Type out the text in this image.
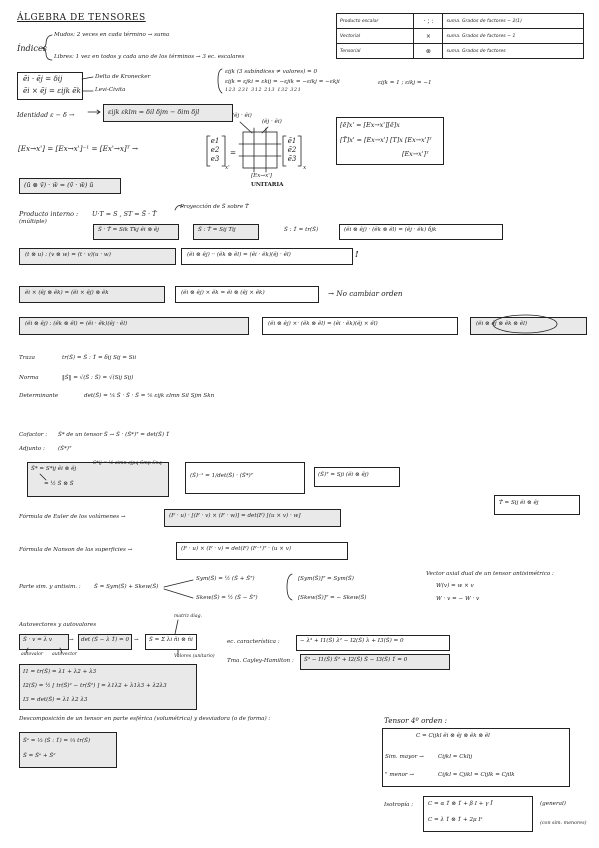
ÁLGEBRA DE TENSORES	Producto escalar	· ; :	suma. Grados de factores − 2(1)
Vectorial	×	suma. Grados de factores − 1
Tensorial	⊗	suma. Grados de factores
Índices
Mudos: 2 veces en cada término → suma
Libres: 1 vez en todos y cada uno de los términos → 3 ec. escalares
ẽi · ẽj = δij
ẽi × ẽj = εijk ẽk
Delta de Kronecker
Levi-Civita
εijk (3 subíndices ≠ valores) = 0
εijk = εjki = εkij = −εjik = −εikj = −εkji
123 231 312 213 132 321
εijk = 1 ; εikj = −1
Identidad ε − δ →	εijk εklm = δil δjm − δim δjl
[Ex→x'] = [Ex→x']⁻¹ = [Ex'→x]ᵀ →
(ẽj · ẽi)
(ẽj · ẽi)
e1
e2
e3
x'
=
ẽ1
ẽ2
ẽ3
x
[Ex→x']
UNITARIA
[ẽ]x' = [Ex→x'][ẽ]x
[T̃]x' = [Ex→x'] [T]x [Ex→x']ᵀ
[Ex→x']ᵀ
(ũ ⊗ ṽ) · w̃ = (ṽ · w̃) ũ
Producto interno :
(múltiple)
U·T = S , ST = S̃ · T̃
Proyección de S̃ sobre T̃
S̃ · T̃ = Sik Tkj ẽi ⊗ ẽj	S̃ : T̃ = Sij Tij	S̃ : 1̃ = tr(S̃)	(ẽi ⊗ ẽj) · (ẽk ⊗ ẽl) = (ẽj · ẽk) δjk
(t ⊗ u) : (v ⊗ w) = (t · v)(u · w)	(ẽi ⊗ ẽj) ·· (ẽk ⊗ ẽl) = (ẽi · ẽk)(ẽj · ẽl)	!
ẽi × (ẽj ⊗ ẽk) = (ẽi × ẽj) ⊗ ẽk	(ẽi ⊗ ẽj) × ẽk = ẽi ⊗ (ẽj × ẽk)	→ No cambiar orden
(ẽi ⊗ ẽj) : (ẽk ⊗ ẽl) = (ẽi · ẽk)(ẽj · ẽl)	(ẽi ⊗ ẽj) ×· (ẽk ⊗ ẽl) = (ẽi · ẽk)(ẽj × ẽl)	(ẽi ⊗ ẽj ⊗ ẽk ⊗ ẽl)
Traza	tr(S̃) = S̃ : 1̃ = δij Sij = Sii
Norma	‖S̃‖ = √(S̃ : S̃) = √(Sij Sij)
Determinante	det(S̃) = ⅙ S̃ · S̃ · S̃ = ⅙ εijk εlmn Sil Sjm Skn
Cofactor : S̃* de un tensor S̃ → S̃ · (S̃*)ᵀ = det(S̃) 1̃
Adjunto : (S̃*)ᵀ
S̃* = S*ij ẽi ⊗ ẽj
S*ij = ½ εimn εjpq Smp Snq
= ½ S̃ ⊗ S̃
(S̃)⁻¹ = 1/det(S̃) · (S̃*)ᵀ	(S̃)ᵀ = Sji (ẽi ⊗ ẽj)
T̃ = Sij ẽi ⊗ ẽj
Fórmula de Euler de los volúmenes →	(F · u) · [(F · v) × (F · w)] = det(F) [(u × v) · w]
Fórmula de Nanson de las superficies →	(F · u) × (F · v) = det(F) (F⁻¹)ᵀ · (u × v)
Parte sim. y antisim. : S̃ = Sym(S̃) + Skew(S̃)
Sym(S̃) = ½ (S̃ + S̃ᵀ)
Skew(S̃) = ½ (S̃ − S̃ᵀ)
[Sym(S̃)]ᵀ = Sym(S̃)
[Skew(S̃)]ᵀ = − Skew(S̃)
Vector axial dual de un tensor antisimétrico :
W(v) = w × v
W · v = − W · v
Autovectores y autovalores
S̃ · v = λ v
autovalor autovector
→ det (S̃ − λ 1̃) = 0 → S̃ = Σ λi ñi ⊗ ñi
matriz diag.
Valores (unitario)
ec. característica :	− λ³ + I1(S̃) λ² − I2(S̃) λ + I3(S̃) = 0
Tma. Cayley-Hamilton : S̃³ − I1(S̃) S̃² + I2(S̃) S̃ − I3(S̃) 1̃ = 0
I1 = tr(S̃) = λ1 + λ2 + λ3
I2(S̃) = ½ [ tr(S̃)² − tr(S̃²) ] = λ1λ2 + λ1λ3 + λ2λ3
I3 = det(S̃) = λ1 λ2 λ3
Descomposición de un tensor en parte esférica (volumétrica) y desviadora (o de forma) :
S̃ᵉ = ⅓ (S̃ : 1̃) = ⅓ tr(S̃)
S̃ = S̃ᵉ + S̃ᵈ
Tensor 4º orden :
C = Cijkl ẽi ⊗ ẽj ⊗ ẽk ⊗ ẽl
Sim. mayor →	Cijkl = Cklij
" menor →	Cijkl = Cjikl = Cijlk = Cjilk
Isotropía :	C = α 1̃ ⊗ 1̃ + β I + γ Ī
C = λ 1̃ ⊗ 1̃ + 2μ Iˢ
(general)
(con sim. menores)
